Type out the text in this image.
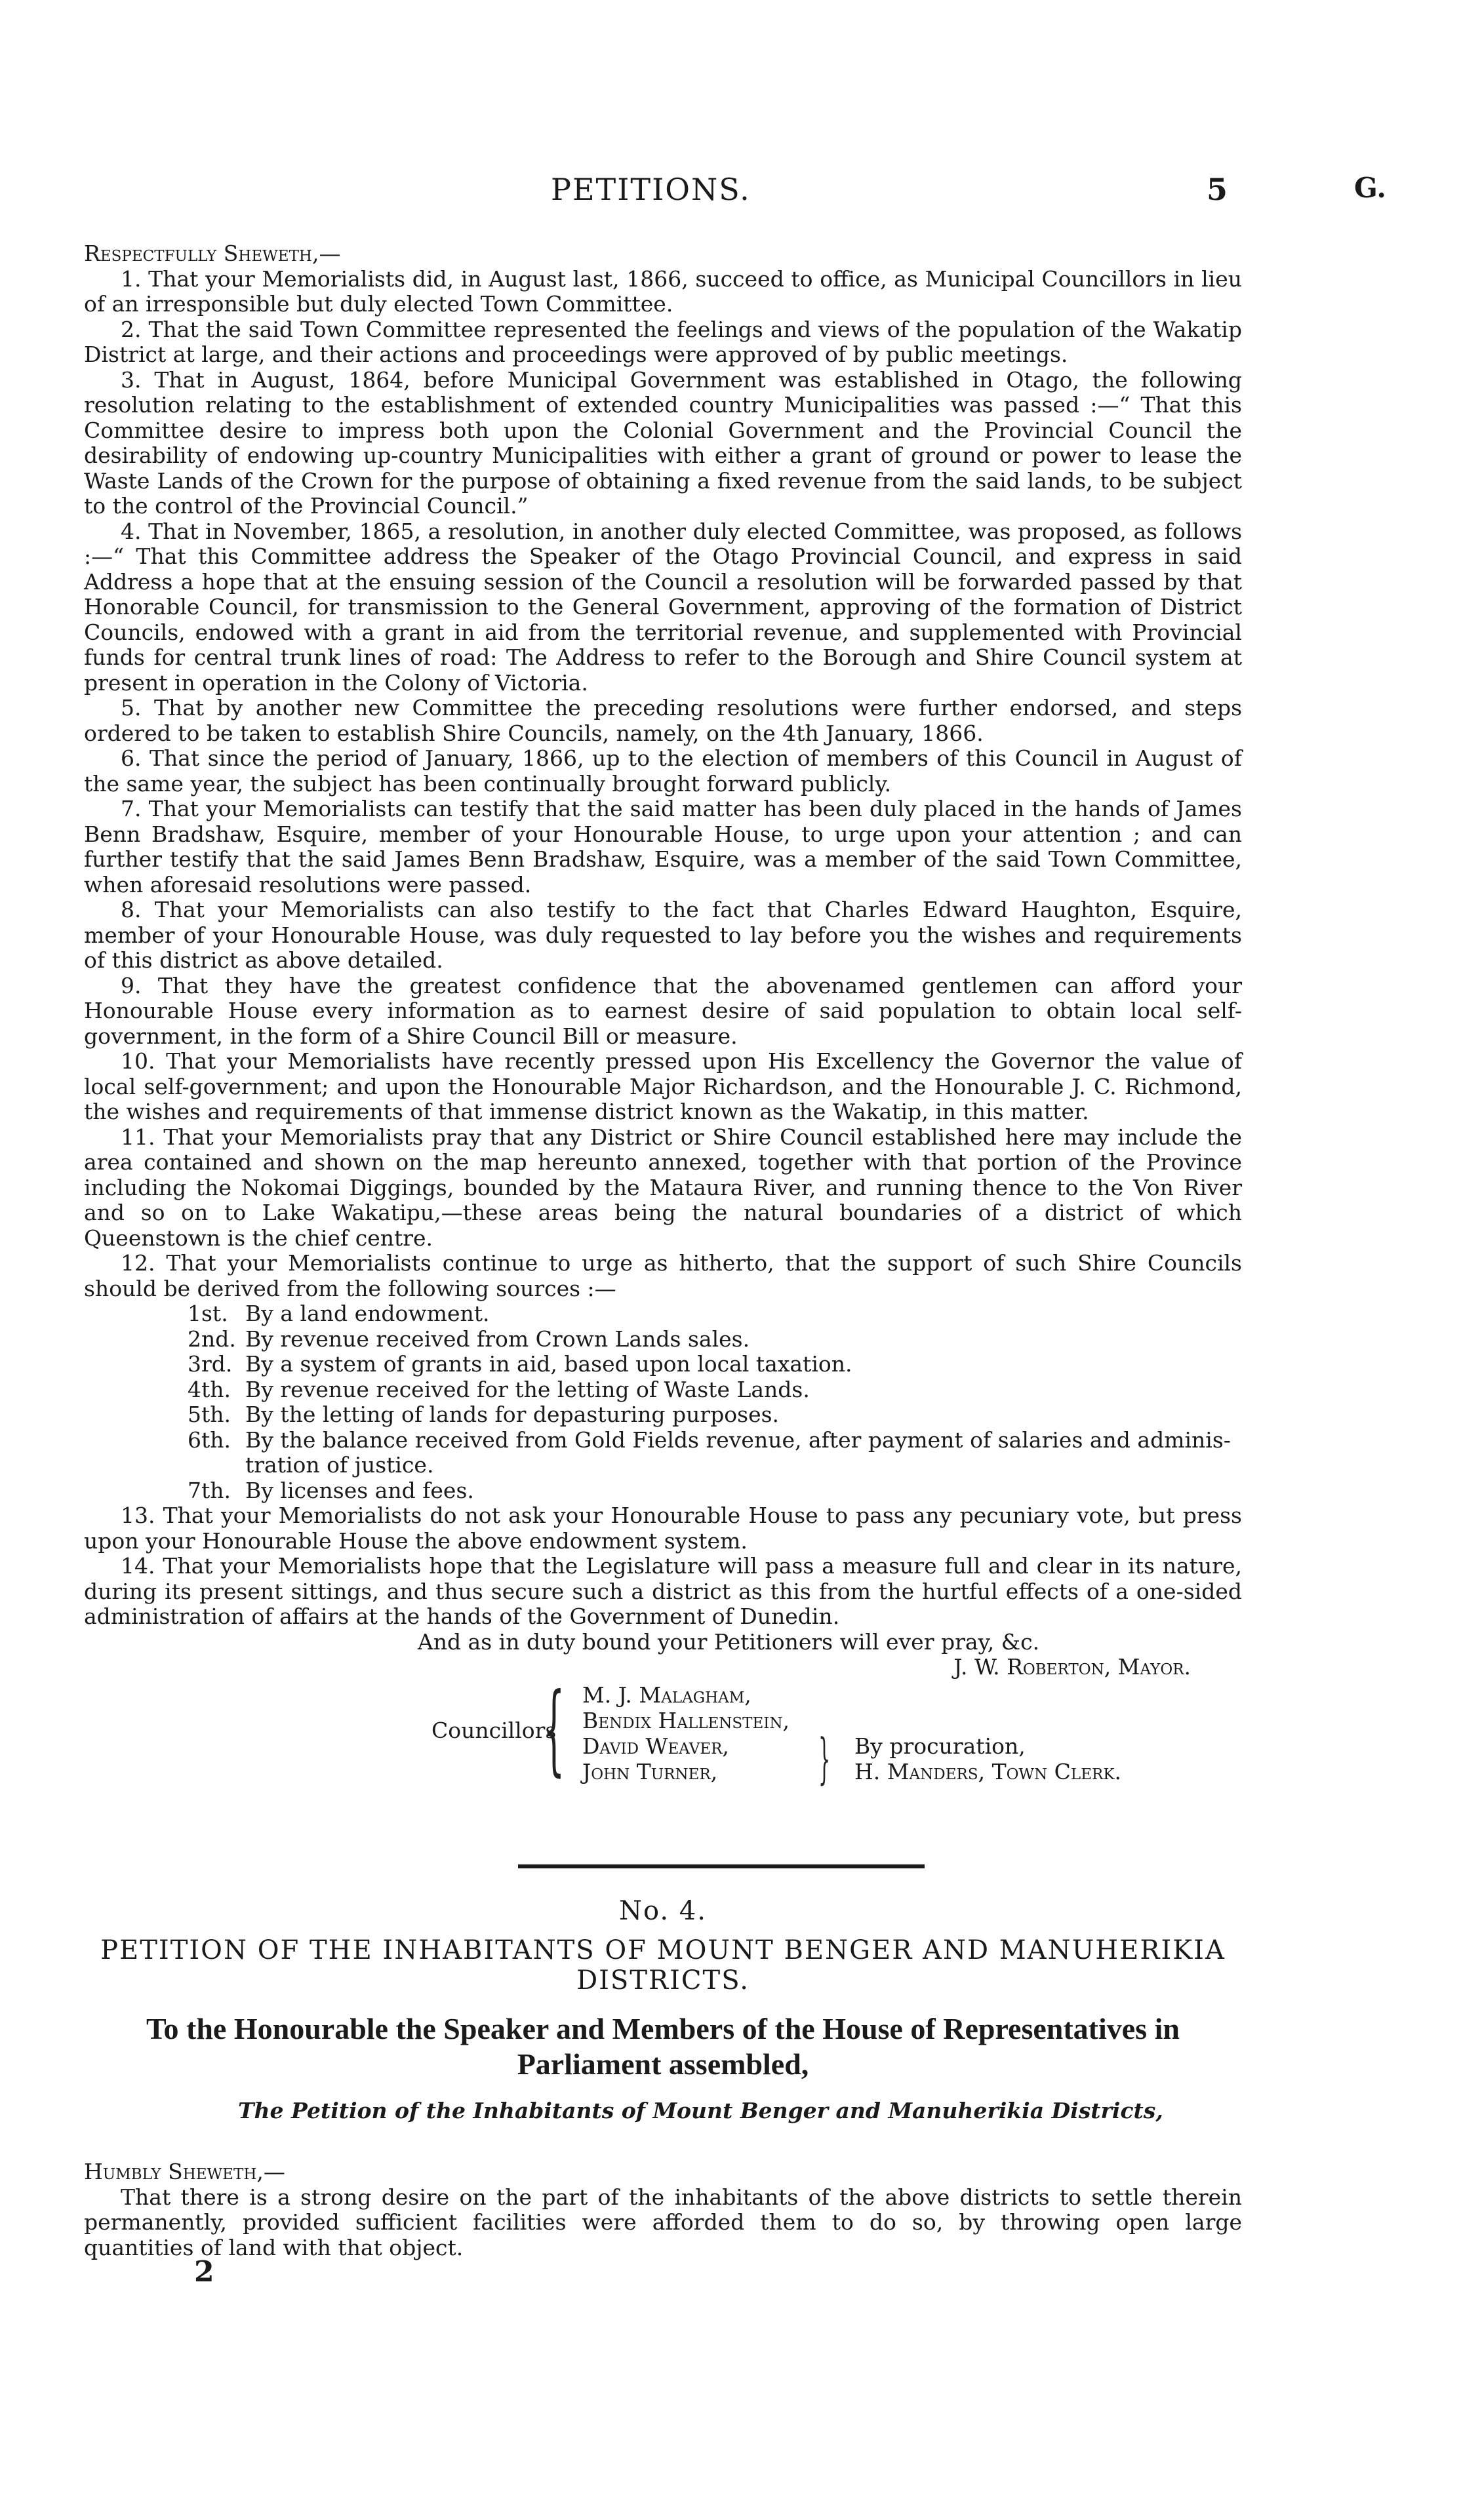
PETITIONS.	5	G.

Respectfully Sheweth,—

1. That your Memorialists did, in August last, 1866, succeed to office, as Municipal Councillors in lieu of an irresponsible but duly elected Town Committee.

2. That the said Town Committee represented the feelings and views of the population of the Wakatip District at large, and their actions and proceedings were approved of by public meetings.

3. That in August, 1864, before Municipal Government was established in Otago, the following resolution relating to the establishment of extended country Municipalities was passed :—“ That this Committee desire to impress both upon the Colonial Government and the Provincial Council the desirability of endowing up-country Municipalities with either a grant of ground or power to lease the Waste Lands of the Crown for the purpose of obtaining a fixed revenue from the said lands, to be subject to the control of the Provincial Council.”

4. That in November, 1865, a resolution, in another duly elected Committee, was proposed, as follows :—“ That this Committee address the Speaker of the Otago Provincial Council, and express in said Address a hope that at the ensuing session of the Council a resolution will be forwarded passed by that Honorable Council, for transmission to the General Government, approving of the formation of District Councils, endowed with a grant in aid from the territorial revenue, and supplemented with Provincial funds for central trunk lines of road: The Address to refer to the Borough and Shire Council system at present in operation in the Colony of Victoria.

5. That by another new Committee the preceding resolutions were further endorsed, and steps ordered to be taken to establish Shire Councils, namely, on the 4th January, 1866.

6. That since the period of January, 1866, up to the election of members of this Council in August of the same year, the subject has been continually brought forward publicly.

7. That your Memorialists can testify that the said matter has been duly placed in the hands of James Benn Bradshaw, Esquire, member of your Honourable House, to urge upon your attention ; and can further testify that the said James Benn Bradshaw, Esquire, was a member of the said Town Committee, when aforesaid resolutions were passed.

8. That your Memorialists can also testify to the fact that Charles Edward Haughton, Esquire, member of your Honourable House, was duly requested to lay before you the wishes and requirements of this district as above detailed.

9. That they have the greatest confidence that the abovenamed gentlemen can afford your Honourable House every information as to earnest desire of said population to obtain local self-government, in the form of a Shire Council Bill or measure.

10. That your Memorialists have recently pressed upon His Excellency the Governor the value of local self-government; and upon the Honourable Major Richardson, and the Honourable J. C. Richmond, the wishes and requirements of that immense district known as the Wakatip, in this matter.

11. That your Memorialists pray that any District or Shire Council established here may include the area contained and shown on the map hereunto annexed, together with that portion of the Province including the Nokomai Diggings, bounded by the Mataura River, and running thence to the Von River and so on to Lake Wakatipu,—these areas being the natural boundaries of a district of which Queenstown is the chief centre.

12. That your Memorialists continue to urge as hitherto, that the support of such Shire Councils should be derived from the following sources :—

1st. By a land endowment.
2nd. By revenue received from Crown Lands sales.
3rd. By a system of grants in aid, based upon local taxation.
4th. By revenue received for the letting of Waste Lands.
5th. By the letting of lands for depasturing purposes.
6th. By the balance received from Gold Fields revenue, after payment of salaries and adminis-
tration of justice.
7th. By licenses and fees.

13. That your Memorialists do not ask your Honourable House to pass any pecuniary vote, but press upon your Honourable House the above endowment system.

14. That your Memorialists hope that the Legislature will pass a measure full and clear in its nature, during its present sittings, and thus secure such a district as this from the hurtful effects of a one-sided administration of affairs at the hands of the Government of Dunedin.

And as in duty bound your Petitioners will ever pray, &c.

J. W. Roberton, Mayor.

Councillors
{ M. J. Malagham,
Bendix Hallenstein,
David Weaver,
John Turner,	} By procuration,
H. Manders, Town Clerk.
No. 4.
PETITION OF THE INHABITANTS OF MOUNT BENGER AND MANUHERIKIA DISTRICTS.
To the Honourable the Speaker and Members of the House of Representatives in Parliament assembled,
The Petition of the Inhabitants of Mount Benger and Manuherikia Districts,

Humbly Sheweth,—

That there is a strong desire on the part of the inhabitants of the above districts to settle therein permanently, provided sufficient facilities were afforded them to do so, by throwing open large quantities of land with that object.

2
